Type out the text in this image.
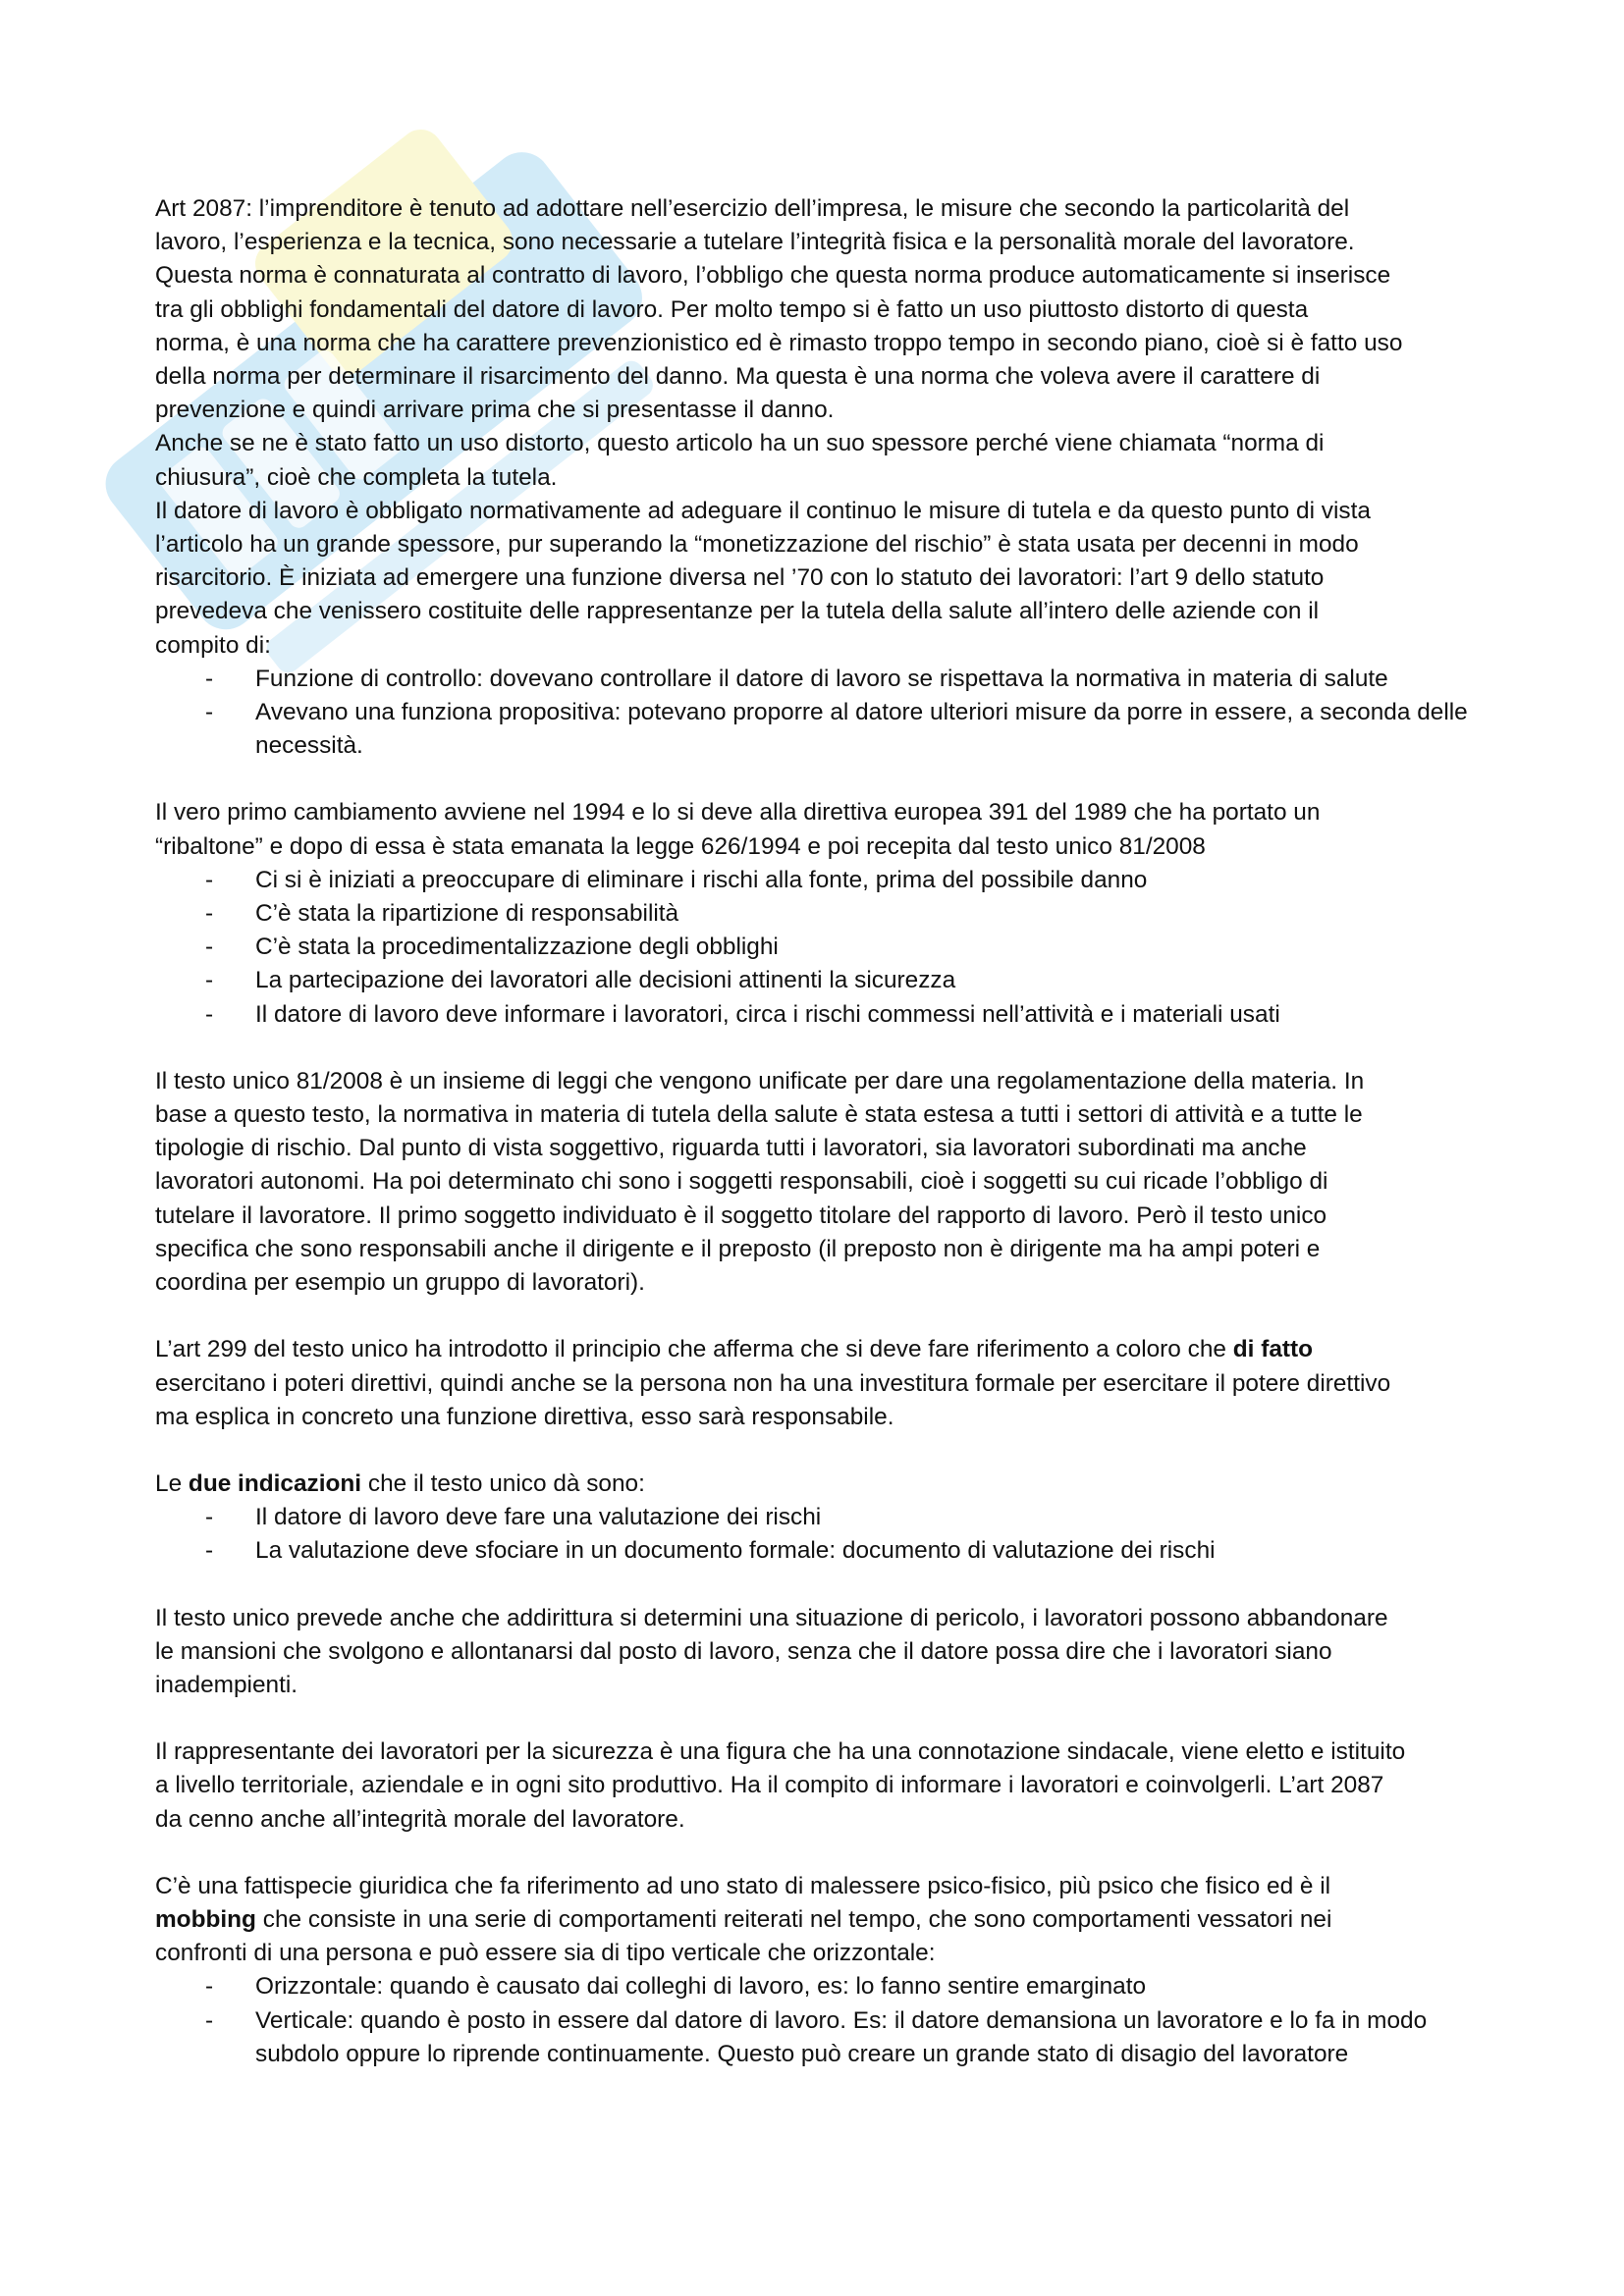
Art 2087: l’imprenditore è tenuto ad adottare nell’esercizio dell’impresa, le misure che secondo la particolarità del
lavoro, l’esperienza e la tecnica, sono necessarie a tutelare l’integrità fisica e la personalità morale del lavoratore.
Questa norma è connaturata al contratto di lavoro, l’obbligo che questa norma produce automaticamente si inserisce
tra gli obblighi fondamentali del datore di lavoro. Per molto tempo si è fatto un uso piuttosto distorto di questa
norma, è una norma che ha carattere prevenzionistico ed è rimasto troppo tempo in secondo piano, cioè si è fatto uso
della norma per determinare il risarcimento del danno. Ma questa è una norma che voleva avere il carattere di
prevenzione e quindi arrivare prima che si presentasse il danno.
Anche se ne è stato fatto un uso distorto, questo articolo ha un suo spessore perché viene chiamata “norma di
chiusura”, cioè che completa la tutela.
Il datore di lavoro è obbligato normativamente ad adeguare il continuo le misure di tutela e da questo punto di vista
l’articolo ha un grande spessore, pur superando la “monetizzazione del rischio” è stata usata per decenni in modo
risarcitorio. È iniziata ad emergere una funzione diversa nel ’70 con lo statuto dei lavoratori: l’art 9 dello statuto
prevedeva che venissero costituite delle rappresentanze per la tutela della salute all’intero delle aziende con il
compito di:

- Funzione di controllo: dovevano controllare il datore di lavoro se rispettava la normativa in materia di salute
- Avevano una funziona propositiva: potevano proporre al datore ulteriori misure da porre in essere, a seconda delle necessità.

Il vero primo cambiamento avviene nel 1994 e lo si deve alla direttiva europea 391 del 1989 che ha portato un
“ribaltone” e dopo di essa è stata emanata la legge 626/1994 e poi recepita dal testo unico 81/2008

- Ci si è iniziati a preoccupare di eliminare i rischi alla fonte, prima del possibile danno
- C’è stata la ripartizione di responsabilità
- C’è stata la procedimentalizzazione degli obblighi
- La partecipazione dei lavoratori alle decisioni attinenti la sicurezza
- Il datore di lavoro deve informare i lavoratori, circa i rischi commessi nell’attività e i materiali usati

Il testo unico 81/2008 è un insieme di leggi che vengono unificate per dare una regolamentazione della materia. In
base a questo testo, la normativa in materia di tutela della salute è stata estesa a tutti i settori di attività e a tutte le
tipologie di rischio. Dal punto di vista soggettivo, riguarda tutti i lavoratori, sia lavoratori subordinati ma anche
lavoratori autonomi. Ha poi determinato chi sono i soggetti responsabili, cioè i soggetti su cui ricade l’obbligo di
tutelare il lavoratore. Il primo soggetto individuato è il soggetto titolare del rapporto di lavoro. Però il testo unico
specifica che sono responsabili anche il dirigente e il preposto (il preposto non è dirigente ma ha ampi poteri e
coordina per esempio un gruppo di lavoratori).

L’art 299 del testo unico ha introdotto il principio che afferma che si deve fare riferimento a coloro che di fatto
esercitano i poteri direttivi, quindi anche se la persona non ha una investitura formale per esercitare il potere direttivo
ma esplica in concreto una funzione direttiva, esso sarà responsabile.

Le due indicazioni che il testo unico dà sono:

- Il datore di lavoro deve fare una valutazione dei rischi
- La valutazione deve sfociare in un documento formale: documento di valutazione dei rischi

Il testo unico prevede anche che addirittura si determini una situazione di pericolo, i lavoratori possono abbandonare
le mansioni che svolgono e allontanarsi dal posto di lavoro, senza che il datore possa dire che i lavoratori siano
inadempienti.

Il rappresentante dei lavoratori per la sicurezza è una figura che ha una connotazione sindacale, viene eletto e istituito
a livello territoriale, aziendale e in ogni sito produttivo. Ha il compito di informare i lavoratori e coinvolgerli. L’art 2087
da cenno anche all’integrità morale del lavoratore.

C’è una fattispecie giuridica che fa riferimento ad uno stato di malessere psico-fisico, più psico che fisico ed è il
mobbing che consiste in una serie di comportamenti reiterati nel tempo, che sono comportamenti vessatori nei
confronti di una persona e può essere sia di tipo verticale che orizzontale:

- Orizzontale: quando è causato dai colleghi di lavoro, es: lo fanno sentire emarginato
- Verticale: quando è posto in essere dal datore di lavoro. Es: il datore demansiona un lavoratore e lo fa in modo subdolo oppure lo riprende continuamente. Questo può creare un grande stato di disagio del lavoratore
